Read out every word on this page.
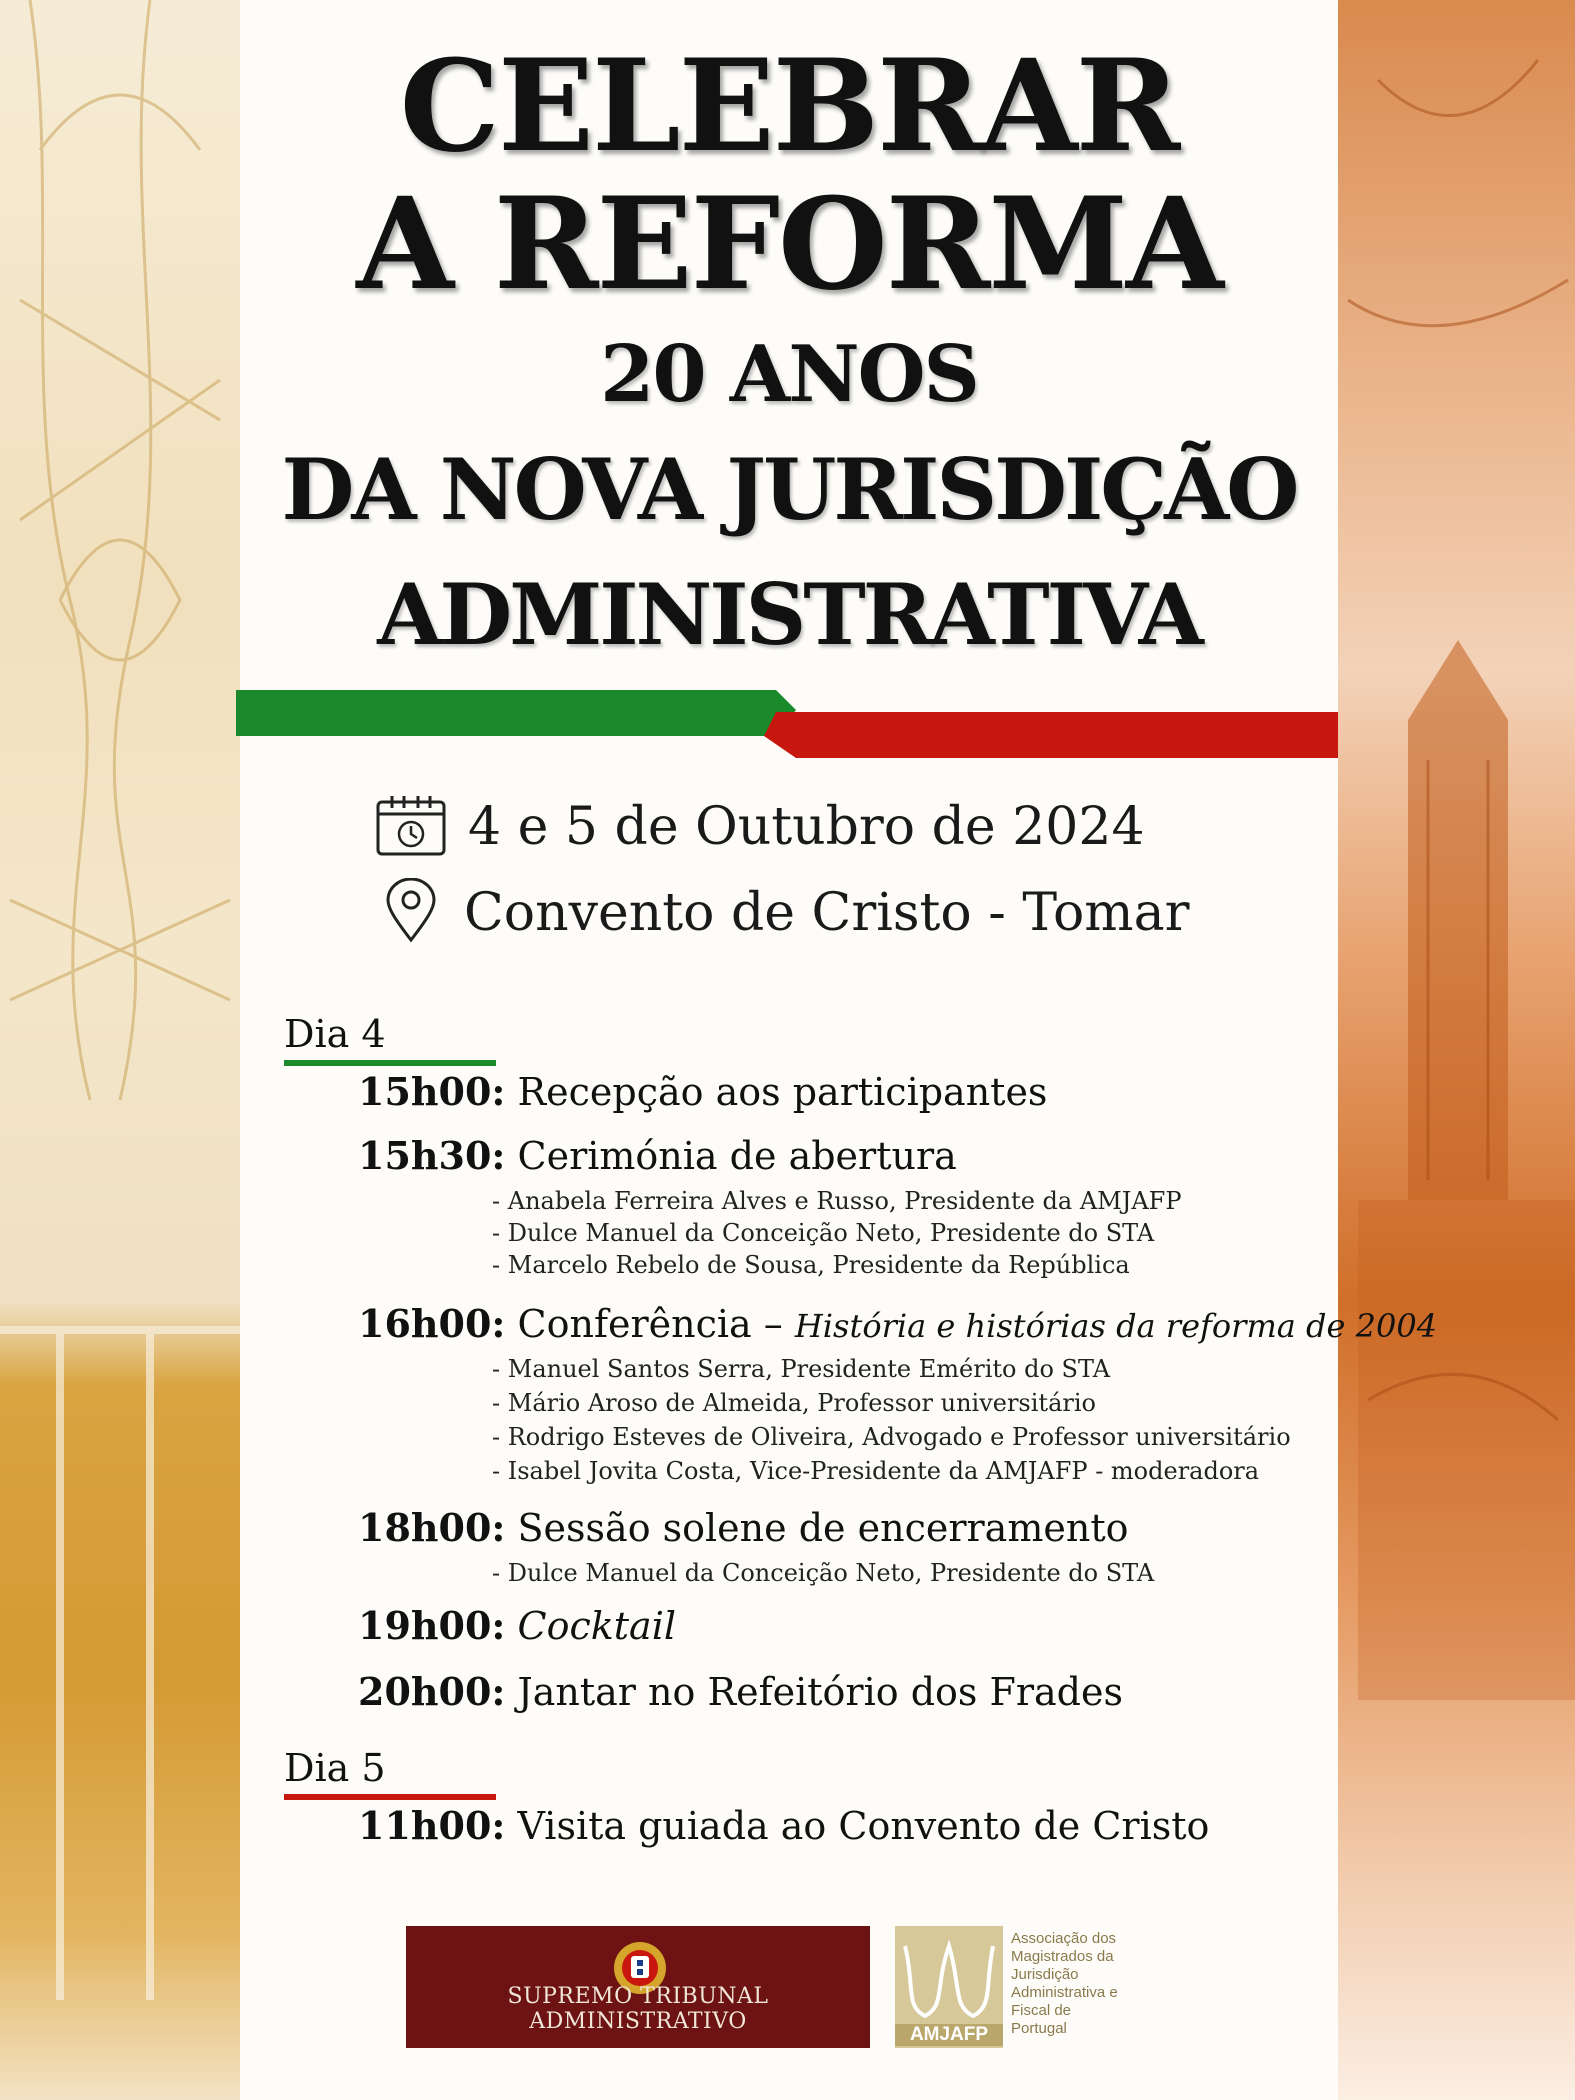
CELEBRAR
A REFORMA
20 ANOS
DA NOVA JURISDIÇÃO
ADMINISTRATIVA
4 e 5 de Outubro de 2024
Convento de Cristo - Tomar
Dia 4
15h00: Recepção aos participantes
15h30: Cerimónia de abertura
- Anabela Ferreira Alves e Russo, Presidente da AMJAFP
- Dulce Manuel da Conceição Neto, Presidente do STA
- Marcelo Rebelo de Sousa, Presidente da República
16h00: Conferência – História e histórias da reforma de 2004
- Manuel Santos Serra, Presidente Emérito do STA
- Mário Aroso de Almeida, Professor universitário
- Rodrigo Esteves de Oliveira, Advogado e Professor universitário
- Isabel Jovita Costa, Vice-Presidente da AMJAFP - moderadora
18h00: Sessão solene de encerramento
- Dulce Manuel da Conceição Neto, Presidente do STA
19h00: Cocktail
20h00: Jantar no Refeitório dos Frades
Dia 5
11h00: Visita guiada ao Convento de Cristo
SUPREMO TRIBUNAL ADMINISTRATIVO
AMJAFP
Associação dos
Magistrados da
Jurisdição
Administrativa e
Fiscal de
Portugal
